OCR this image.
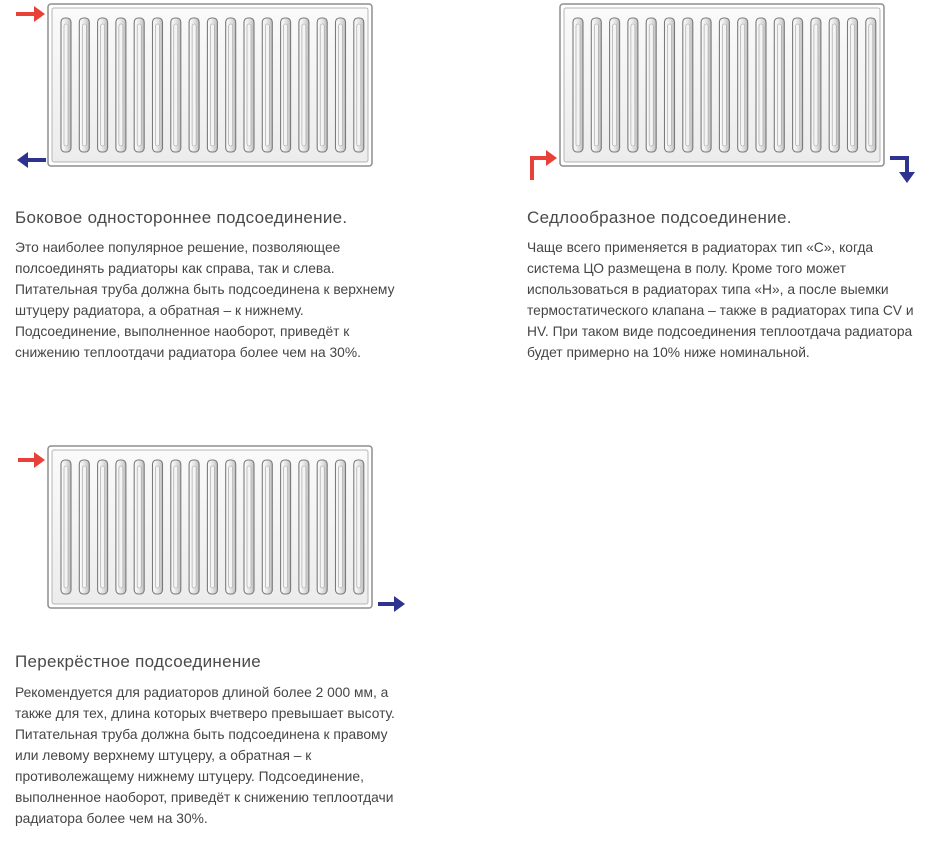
Боковое одностороннее подсоединение.

Это наиболее популярное решение, позволяющее полсоединять радиаторы как справа, так и слева. Питательная труба должна быть подсоединена к верхнему штуцеру радиатора, а обратная – к нижнему. Подсоединение, выполненное наоборот, приведёт к снижению теплоотдачи радиатора более чем на 30%.

Седлообразное подсоединение.

Чаще всего применяется в радиаторах тип «С», когда система ЦО размещена в полу. Кроме того может использоваться в радиаторах типа «H», а после выемки термостатического клапана – также в радиаторах типа CV и HV. При таком виде подсоединения теплоотдача радиатора будет примерно на 10% ниже номинальной.

Перекрёстное подсоединение

Рекомендуется для радиаторов длиной более 2 000 мм, а также для тех, длина которых вчетверо превышает высоту. Питательная труба должна быть подсоединена к правому или левому верхнему штуцеру, а обратная – к противолежащему нижнему штуцеру. Подсоединение, выполненное наоборот, приведёт к снижению теплоотдачи радиатора более чем на 30%.
